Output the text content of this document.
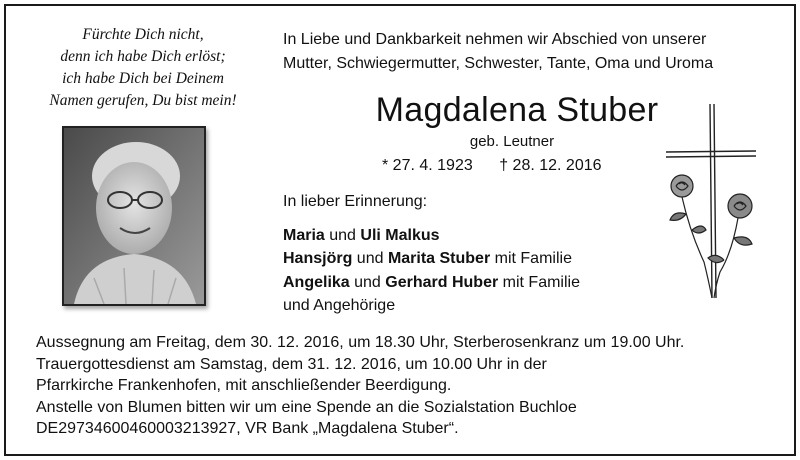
Fürchte Dich nicht,
denn ich habe Dich erlöst;
ich habe Dich bei Deinem
Namen gerufen, Du bist mein!
In Liebe und Dankbarkeit nehmen wir Abschied von unserer
Mutter, Schwiegermutter, Schwester, Tante, Oma und Uroma
Magdalena Stuber
geb. Leutner
* 27. 4. 1923 † 28. 12. 2016
In lieber Erinnerung:
Maria und Uli Malkus
Hansjörg und Marita Stuber mit Familie
Angelika und Gerhard Huber mit Familie
und Angehörige
Aussegnung am Freitag, dem 30. 12. 2016, um 18.30 Uhr, Sterberosenkranz um 19.00 Uhr.
Trauergottesdienst am Samstag, dem 31. 12. 2016, um 10.00 Uhr in der
Pfarrkirche Frankenhofen, mit anschließender Beerdigung.
Anstelle von Blumen bitten wir um eine Spende an die Sozialstation Buchloe
DE29734600460003213927, VR Bank „Magdalena Stuber“.
